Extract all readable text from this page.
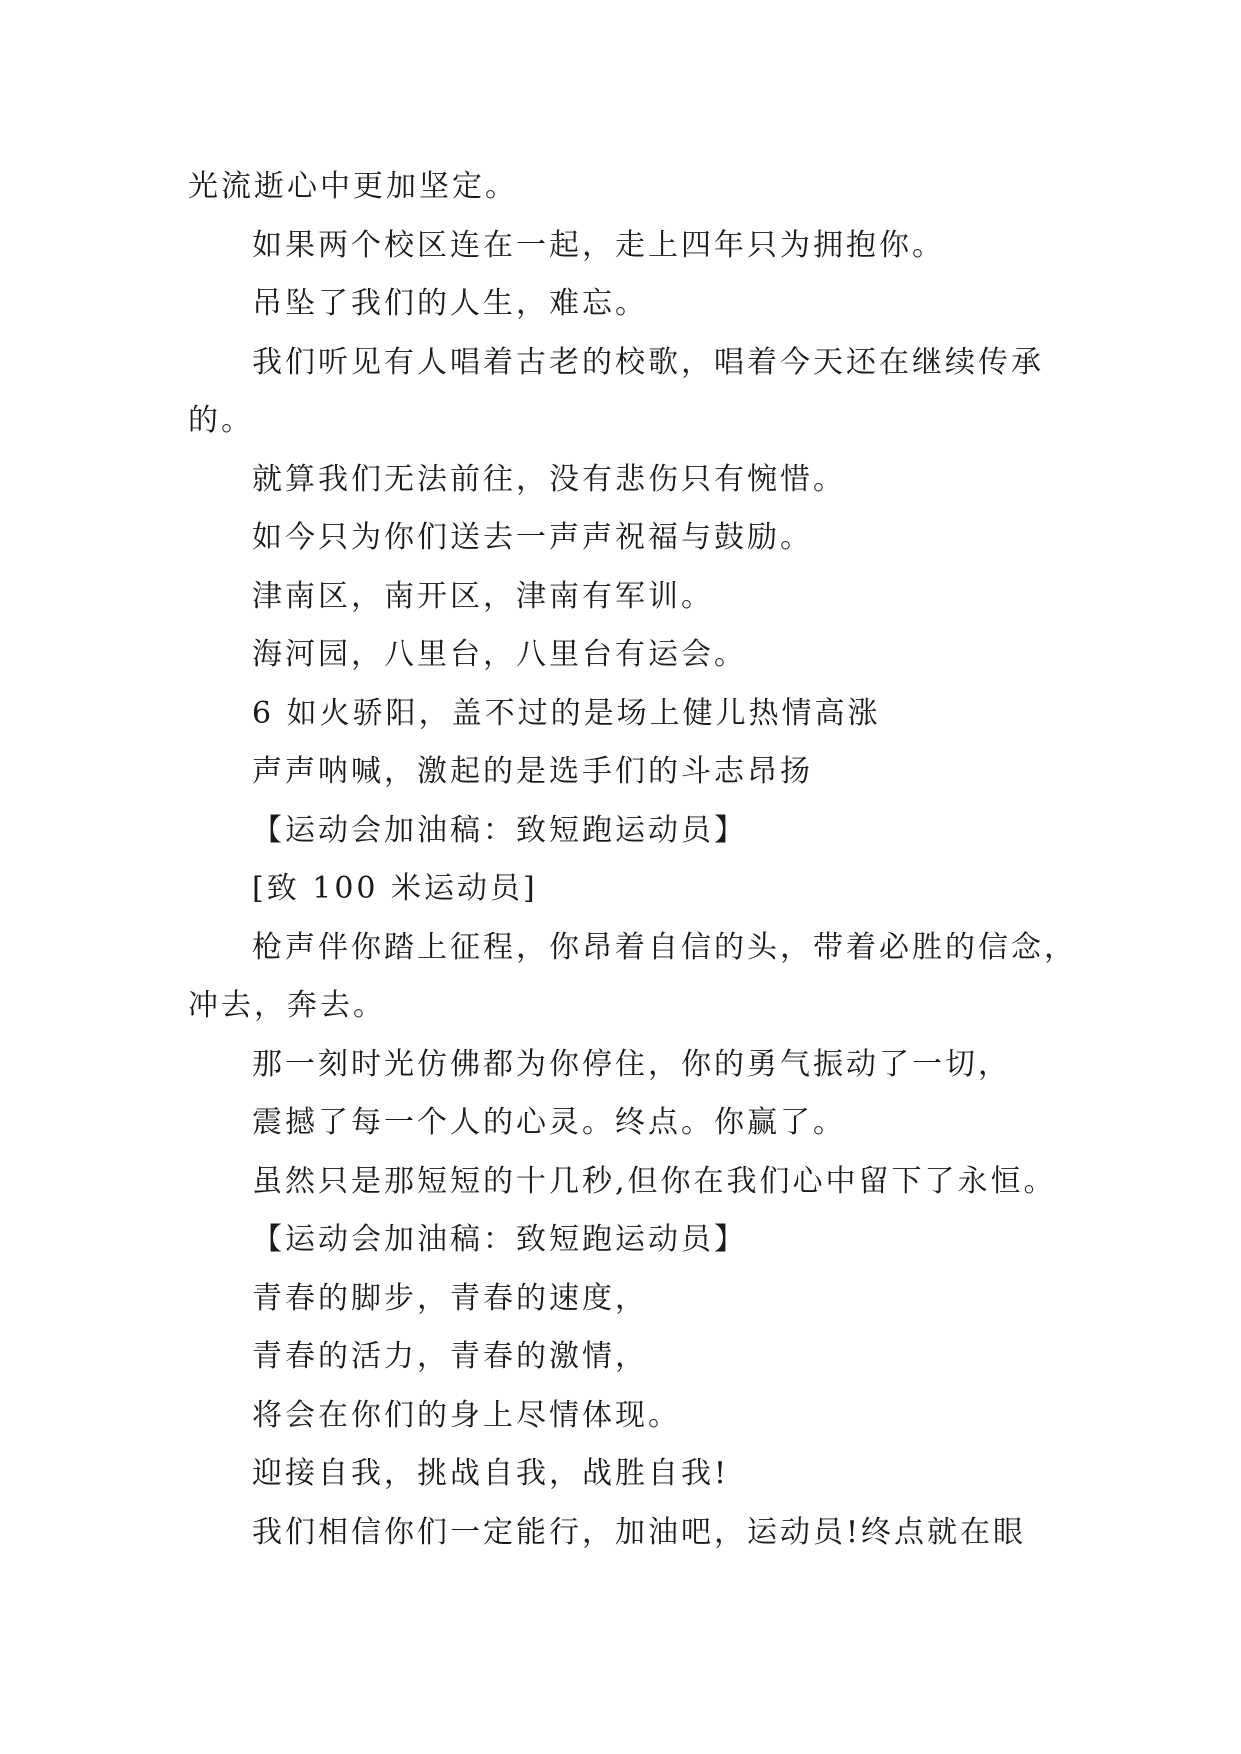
光流逝心中更加坚定。
如果两个校区连在一起，走上四年只为拥抱你。
吊坠了我们的人生，难忘。
我们听见有人唱着古老的校歌，唱着今天还在继续传承
的。
就算我们无法前往，没有悲伤只有惋惜。
如今只为你们送去一声声祝福与鼓励。
津南区，南开区，津南有军训。
海河园，八里台，八里台有运会。
6 如火骄阳，盖不过的是场上健儿热情高涨
声声呐喊，激起的是选手们的斗志昂扬
【运动会加油稿：致短跑运动员】
[致 100 米运动员]
枪声伴你踏上征程，你昂着自信的头，带着必胜的信念，
冲去，奔去。
那一刻时光仿佛都为你停住，你的勇气振动了一切，
震撼了每一个人的心灵。终点。你赢了。
虽然只是那短短的十几秒,但你在我们心中留下了永恒。
【运动会加油稿：致短跑运动员】
青春的脚步，青春的速度，
青春的活力，青春的激情，
将会在你们的身上尽情体现。
迎接自我，挑战自我，战胜自我!
我们相信你们一定能行，加油吧，运动员!终点就在眼
